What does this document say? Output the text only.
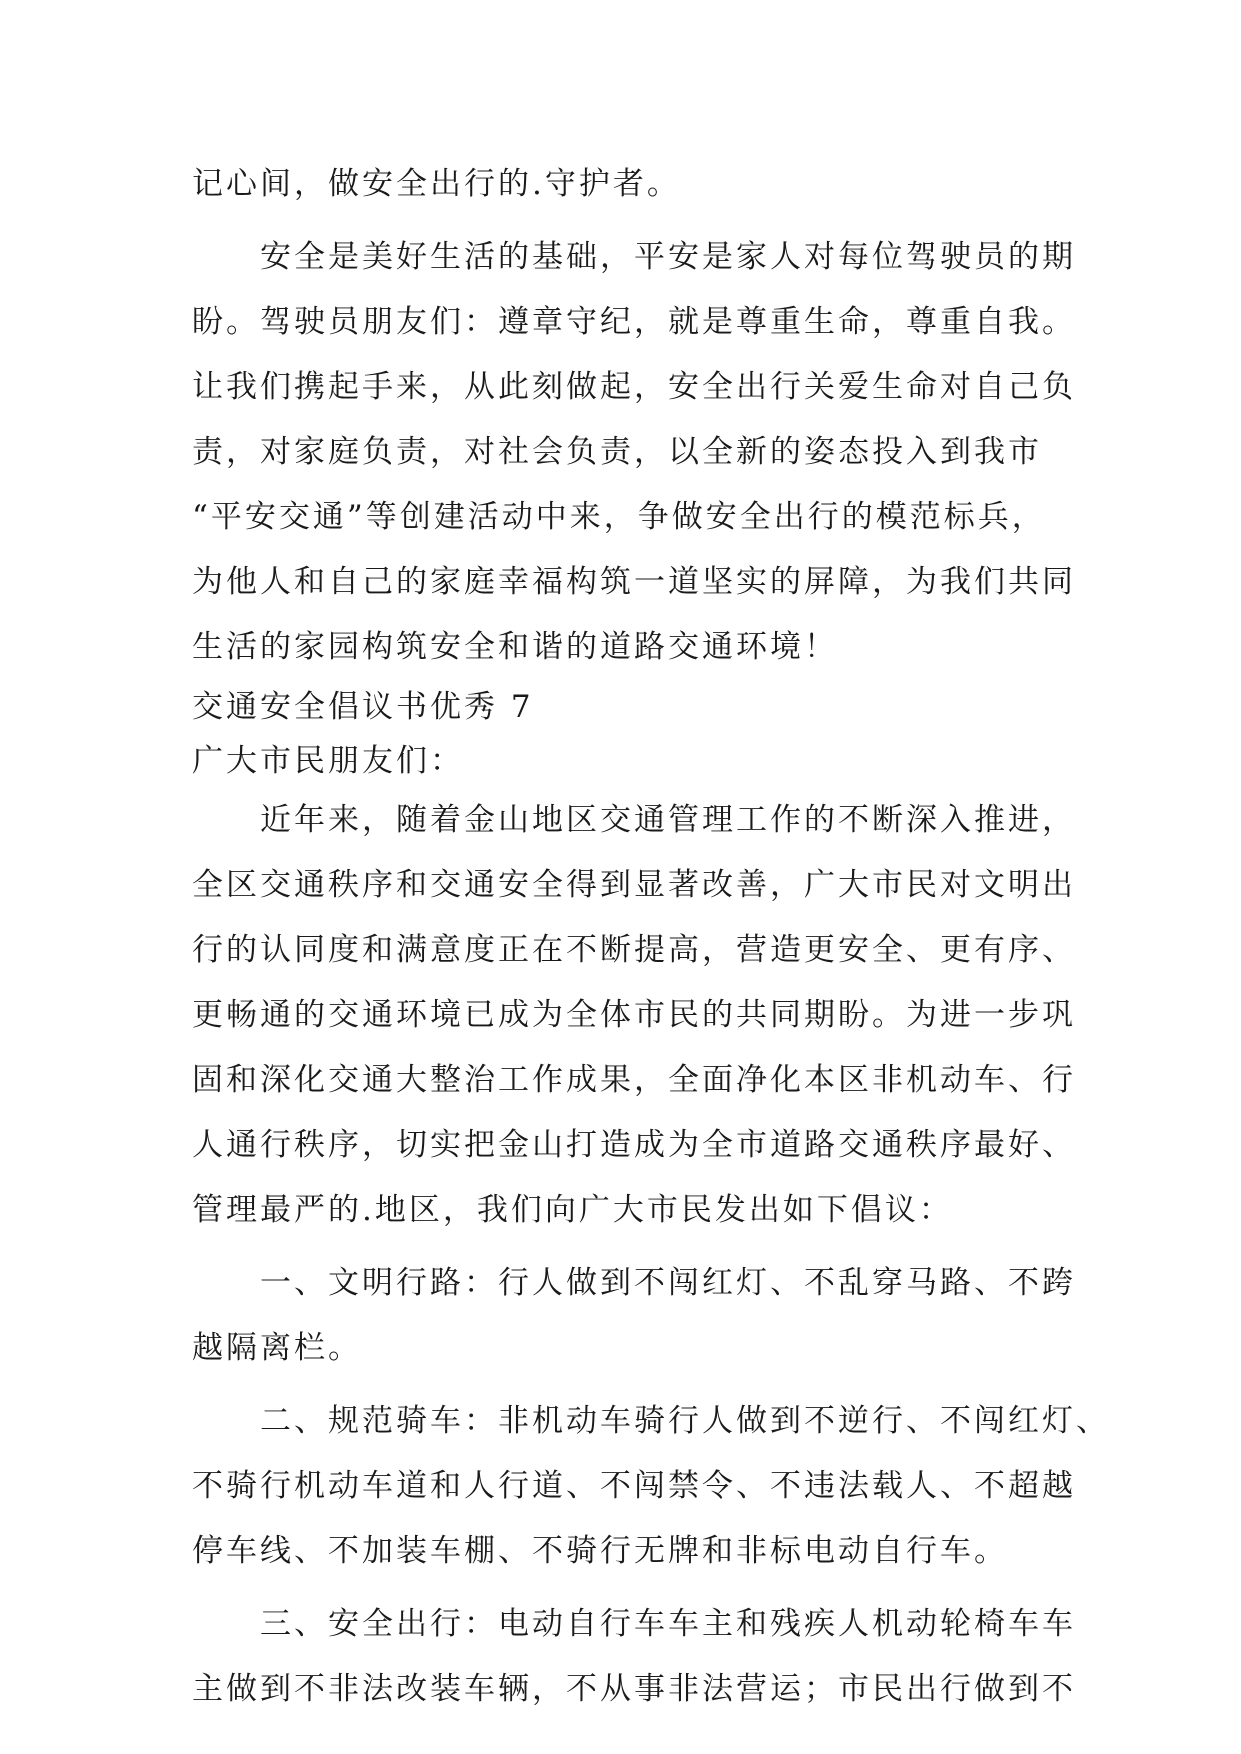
记心间，做安全出行的.守护者。
安全是美好生活的基础，平安是家人对每位驾驶员的期
盼。驾驶员朋友们：遵章守纪，就是尊重生命，尊重自我。
让我们携起手来，从此刻做起，安全出行关爱生命对自己负
责，对家庭负责，对社会负责，以全新的姿态投入到我市
“平安交通”等创建活动中来，争做安全出行的模范标兵，
为他人和自己的家庭幸福构筑一道坚实的屏障，为我们共同
生活的家园构筑安全和谐的道路交通环境！
交通安全倡议书优秀 7
广大市民朋友们：
近年来，随着金山地区交通管理工作的不断深入推进，
全区交通秩序和交通安全得到显著改善，广大市民对文明出
行的认同度和满意度正在不断提高，营造更安全、更有序、
更畅通的交通环境已成为全体市民的共同期盼。为进一步巩
固和深化交通大整治工作成果，全面净化本区非机动车、行
人通行秩序，切实把金山打造成为全市道路交通秩序最好、
管理最严的.地区，我们向广大市民发出如下倡议：
一、文明行路：行人做到不闯红灯、不乱穿马路、不跨
越隔离栏。
二、规范骑车：非机动车骑行人做到不逆行、不闯红灯、
不骑行机动车道和人行道、不闯禁令、不违法载人、不超越
停车线、不加装车棚、不骑行无牌和非标电动自行车。
三、安全出行：电动自行车车主和残疾人机动轮椅车车
主做到不非法改装车辆，不从事非法营运；市民出行做到不
